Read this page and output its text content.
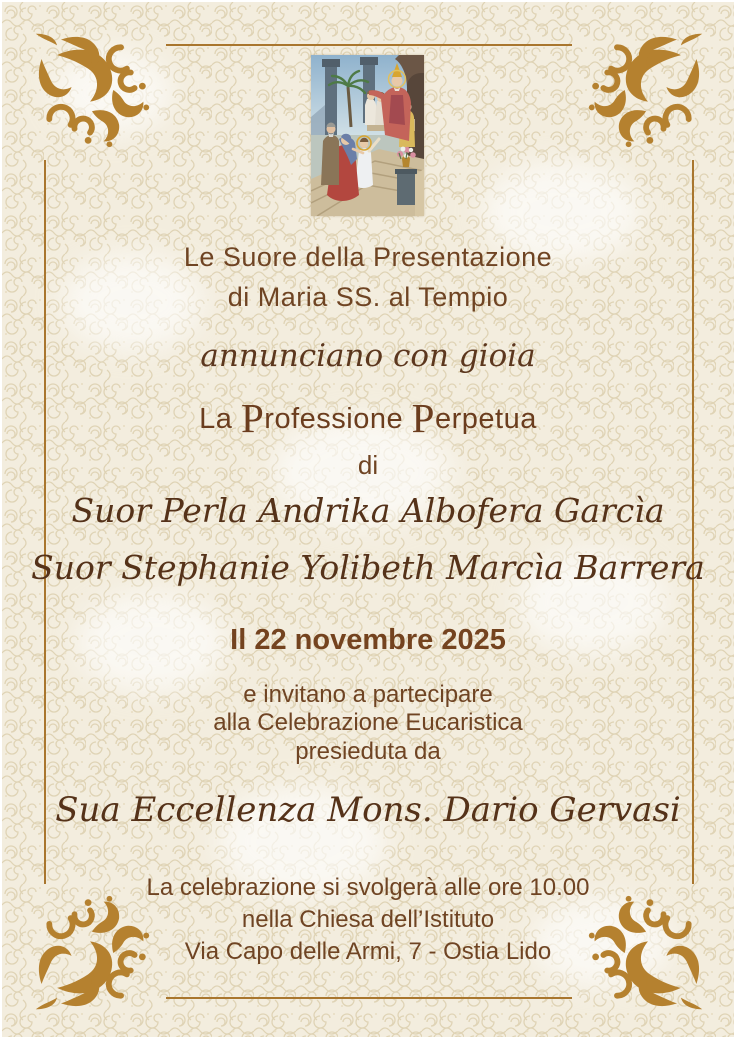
Le Suore della Presentazione
di Maria SS. al Tempio
annunciano con gioia
La Professione Perpetua
di
Suor Perla Andrika Albofera Garcìa
Suor Stephanie Yolibeth Marcìa Barrera
Il 22 novembre 2025
e invitano a partecipare
alla Celebrazione Eucaristica
presieduta da
Sua Eccellenza Mons. Dario Gervasi
La celebrazione si svolgerà alle ore 10.00
nella Chiesa dell’Istituto
Via Capo delle Armi, 7 - Ostia Lido
